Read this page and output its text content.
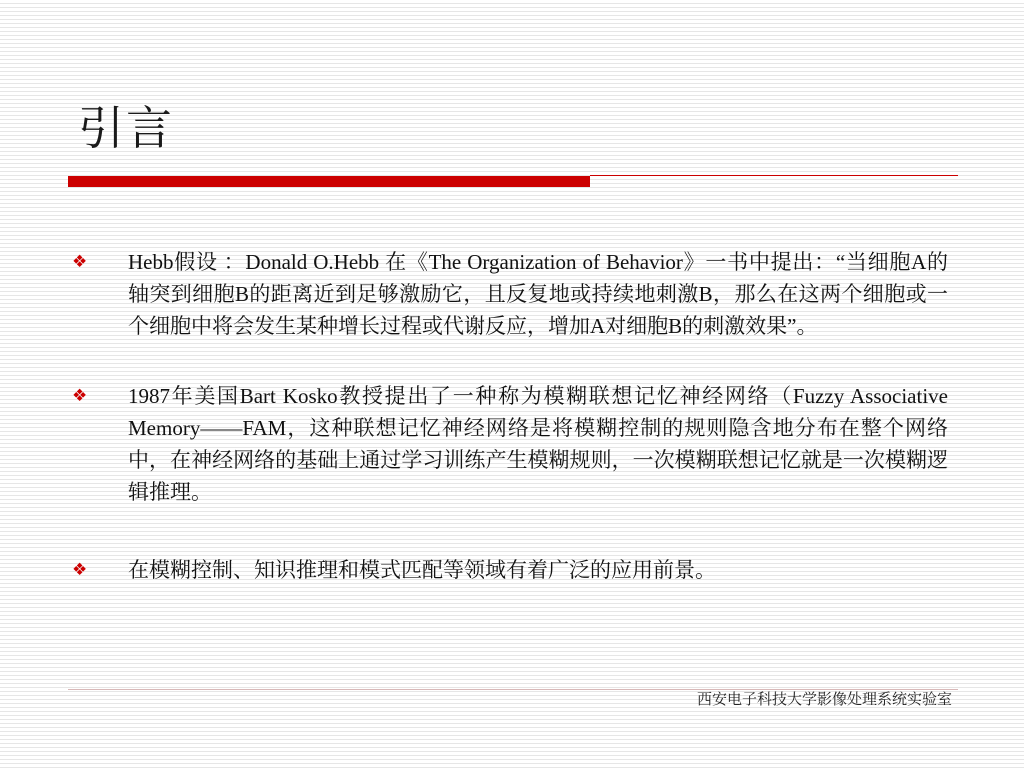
引言
❖ Hebb假设 ：Donald O.Hebb 在《The Organization of Behavior》一书中提出：“当细胞A的轴突到细胞B的距离近到足够激励它，且反复地或持续地刺激B，那么在这两个细胞或一个细胞中将会发生某种增长过程或代谢反应，增加A对细胞B的刺激效果”。
❖ 1987年美国Bart Kosko教授提出了一种称为模糊联想记忆神经网络（Fuzzy Associative Memory——FAM，这种联想记忆神经网络是将模糊控制的规则隐含地分布在整个网络中，在神经网络的基础上通过学习训练产生模糊规则，一次模糊联想记忆就是一次模糊逻辑推理。
❖ 在模糊控制、知识推理和模式匹配等领域有着广泛的应用前景。
西安电子科技大学影像处理系统实验室
